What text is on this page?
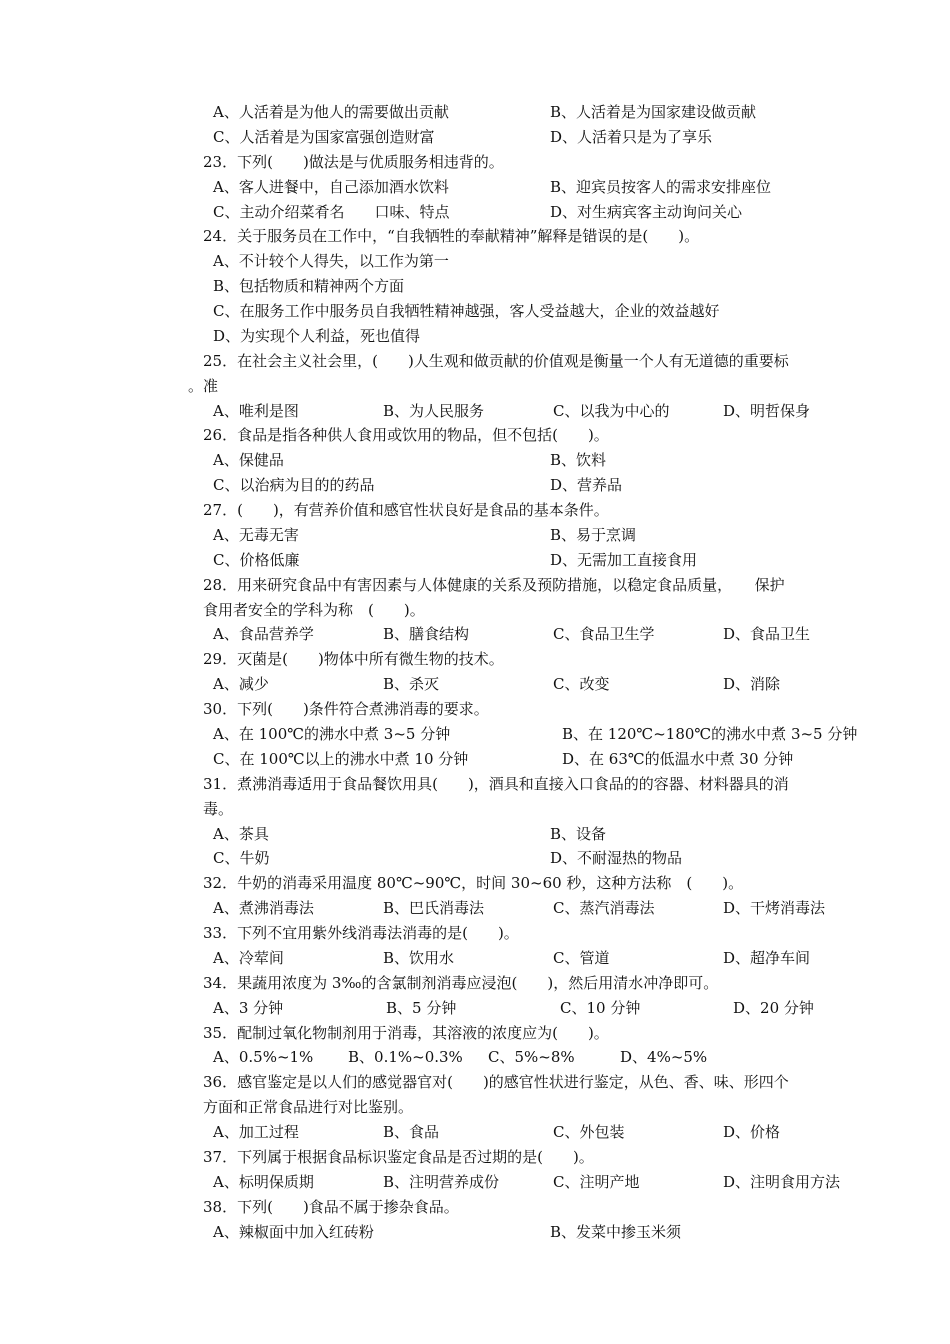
A、人活着是为他人的需要做出贡献	B、人活着是为国家建设做贡献
C、人活着是为国家富强创造财富	D、人活着只是为了享乐
23．下列(　　)做法是与优质服务相违背的。
A、客人进餐中，自己添加酒水饮料	B、迎宾员按客人的需求安排座位
C、主动介绍菜肴名　　口味、特点	D、对生病宾客主动询问关心
24．关于服务员在工作中，“自我牺牲的奉献精神”解释是错误的是(　　)。
A、不计较个人得失，以工作为第一
B、包括物质和精神两个方面
C、在服务工作中服务员自我牺牲精神越强，客人受益越大，企业的效益越好
D、为实现个人利益，死也值得
25．在社会主义社会里，(　　)人生观和做贡献的价值观是衡量一个人有无道德的重要标
。准
A、唯利是图	B、为人民服务	C、以我为中心的	D、明哲保身
26．食品是指各种供人食用或饮用的物品，但不包括(　　)。
A、保健品	B、饮料
C、以治病为目的的药品	D、营养品
27．(　　)，有营养价值和感官性状良好是食品的基本条件。
A、无毒无害	B、易于烹调
C、价格低廉	D、无需加工直接食用
28．用来研究食品中有害因素与人体健康的关系及预防措施，以稳定食品质量，　　保护
食用者安全的学科为称　(　　)。
A、食品营养学	B、膳食结构	C、食品卫生学	D、食品卫生
29．灭菌是(　　)物体中所有微生物的技术。
A、减少	B、杀灭	C、改变	D、消除
30．下列(　　)条件符合煮沸消毒的要求。
A、在 100℃的沸水中煮 3~5 分钟	B、在 120℃~180℃的沸水中煮 3~5 分钟
C、在 100℃以上的沸水中煮 10 分钟	D、在 63℃的低温水中煮 30 分钟
31．煮沸消毒适用于食品餐饮用具(　　)，酒具和直接入口食品的的容器、材料器具的消
毒。
A、茶具	B、设备
C、牛奶	D、不耐湿热的物品
32．牛奶的消毒采用温度 80℃~90℃，时间 30~60 秒，这种方法称　(　　)。
A、煮沸消毒法	B、巴氏消毒法	C、蒸汽消毒法	D、干烤消毒法
33．下列不宜用紫外线消毒法消毒的是(　　)。
A、冷荤间	B、饮用水	C、管道	D、超净车间
34．果蔬用浓度为 3‰的含氯制剂消毒应浸泡(　　)，然后用清水冲净即可。
A、3 分钟	B、5 分钟	C、10 分钟	D、20 分钟
35．配制过氧化物制剂用于消毒，其溶液的浓度应为(　　)。
A、0.5%~1% B、0.1%~0.3% C、5%~8%	D、4%~5%
36．感官鉴定是以人们的感觉器官对(　　)的感官性状进行鉴定，从色、香、味、形四个
方面和正常食品进行对比鉴别。
A、加工过程	B、食品	C、外包装	D、价格
37．下列属于根据食品标识鉴定食品是否过期的是(　　)。
A、标明保质期	B、注明营养成份	C、注明产地	D、注明食用方法
38．下列(　　)食品不属于掺杂食品。
A、辣椒面中加入红砖粉	B、发菜中掺玉米须
